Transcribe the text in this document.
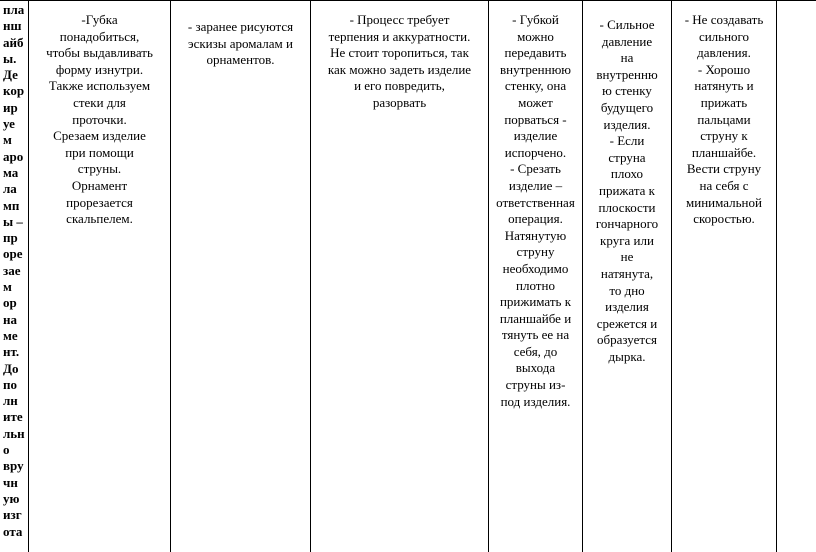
пла
нш
айб
ы.
Де
кор
ир
уе
м
аро
ма
ла
мп
ы –
пр
оре
зае
м
ор
на
ме
нт.
До
по
лн
ите
льн
о
вру
чн
ую
изг
ота
-Губка
понадобиться,
чтобы выдавливать
форму изнутри.
Также используем
стеки для
проточки.
Срезаем изделие
при помощи
струны.
Орнамент
прорезается
скальпелем.
- заранее рисуются
эскизы аромалам и
орнаментов.
- Процесс требует
терпения и аккуратности.
Не стоит торопиться, так
как можно задеть изделие
и его повредить,
разорвать
- Губкой
можно
передавить
внутреннюю
стенку, она
может
порваться -
изделие
испорчено.
- Срезать
изделие –
ответственная
операция.
Натянутую
струну
необходимо
плотно
прижимать к
планшайбе и
тянуть ее на
себя, до
выхода
струны из-
под изделия.
- Сильное
давление
на
внутренню
ю стенку
будущего
изделия.
- Если
струна
плохо
прижата к
плоскости
гончарного
круга или
не
натянута,
то дно
изделия
срежется и
образуется
дырка.
- Не создавать
сильного
давления.
- Хорошо
натянуть и
прижать
пальцами
струну к
планшайбе.
Вести струну
на себя с
минимальной
скоростью.
